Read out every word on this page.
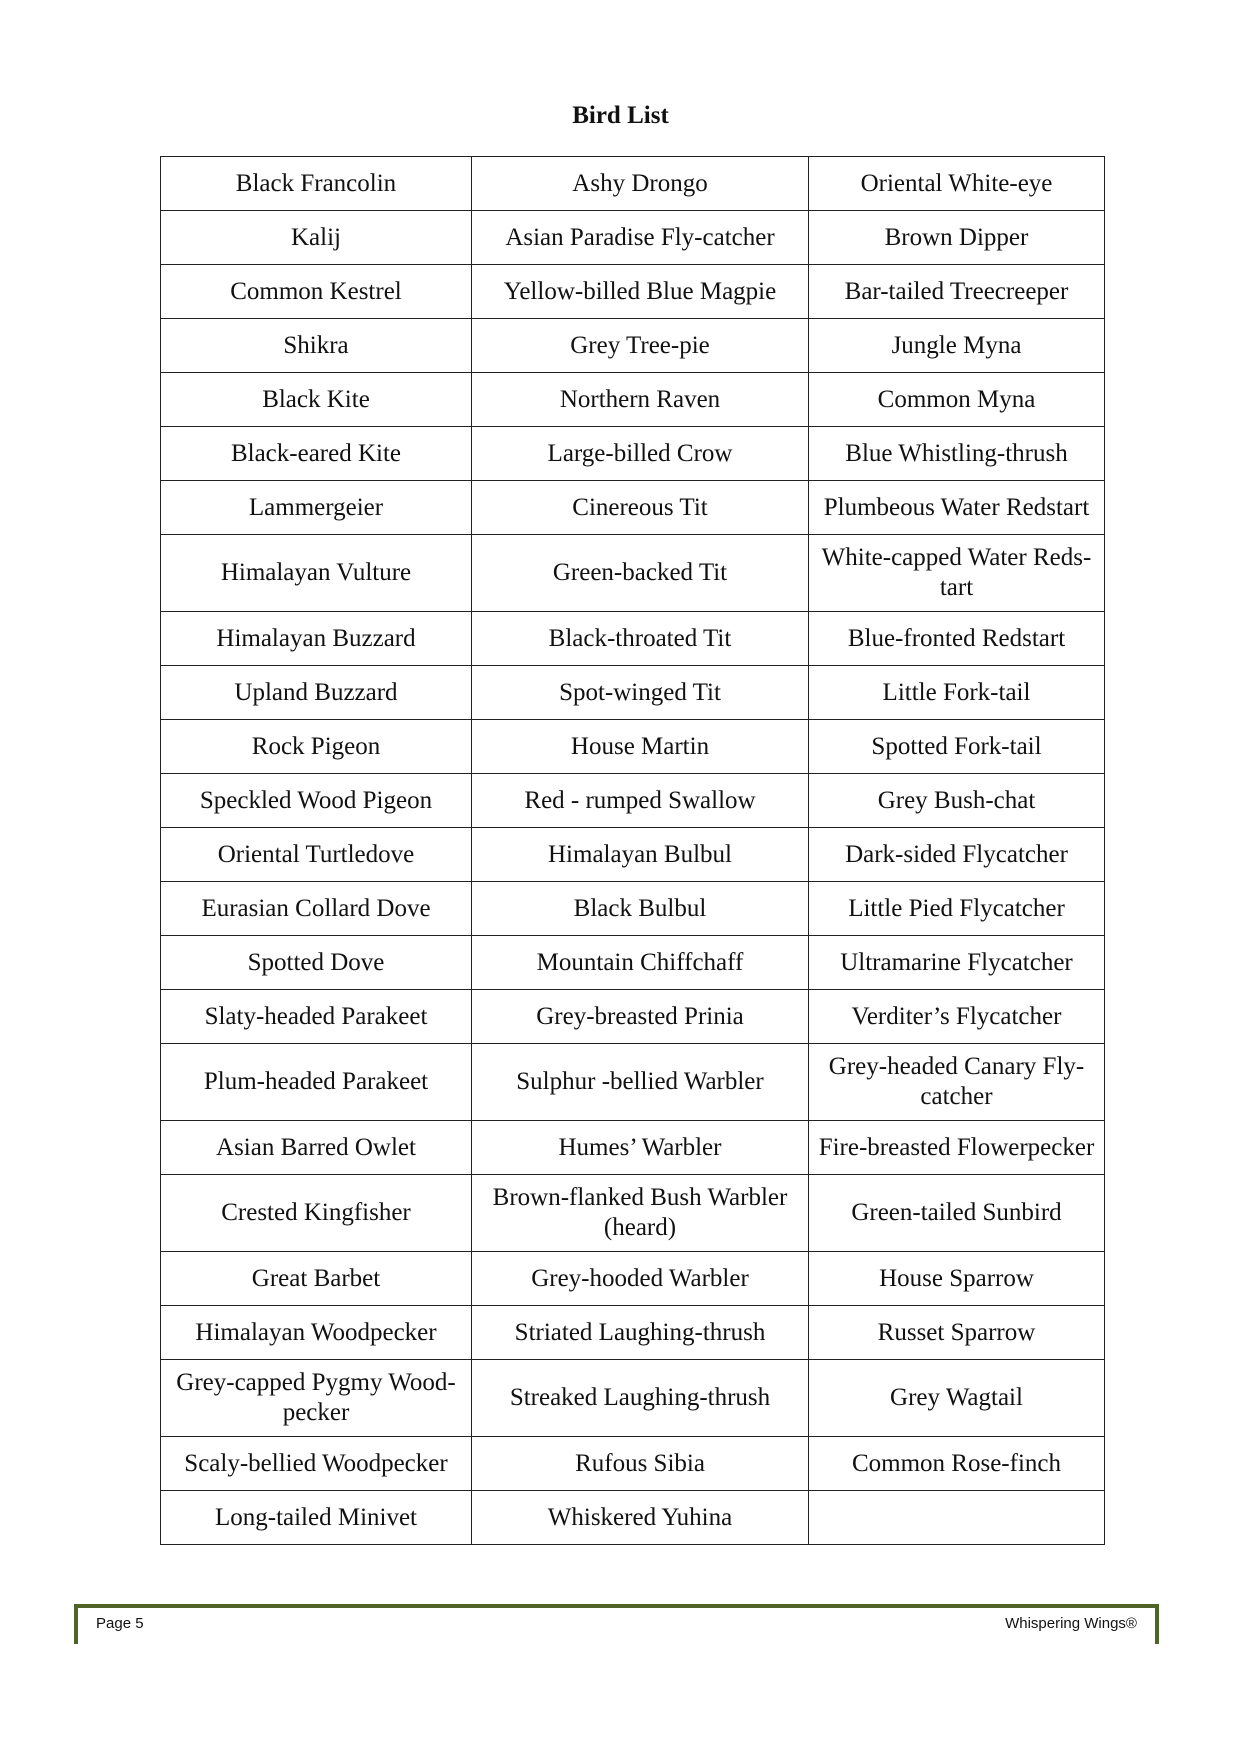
Bird List
Black Francolin	Ashy Drongo	Oriental White-eye
Kalij	Asian Paradise Fly-catcher	Brown Dipper
Common Kestrel	Yellow-billed Blue Magpie	Bar-tailed Treecreeper
Shikra	Grey Tree-pie	Jungle Myna
Black Kite	Northern Raven	Common Myna
Black-eared Kite	Large-billed Crow	Blue Whistling-thrush
Lammergeier	Cinereous Tit	Plumbeous Water Redstart
Himalayan Vulture	Green-backed Tit	White-capped Water Reds-tart
Himalayan Buzzard	Black-throated Tit	Blue-fronted Redstart
Upland Buzzard	Spot-winged Tit	Little Fork-tail
Rock Pigeon	House Martin	Spotted Fork-tail
Speckled Wood Pigeon	Red - rumped Swallow	Grey Bush-chat
Oriental Turtledove	Himalayan Bulbul	Dark-sided Flycatcher
Eurasian Collard Dove	Black Bulbul	Little Pied Flycatcher
Spotted Dove	Mountain Chiffchaff	Ultramarine Flycatcher
Slaty-headed Parakeet	Grey-breasted Prinia	Verditer’s Flycatcher
Plum-headed Parakeet	Sulphur -bellied Warbler	Grey-headed Canary Fly-catcher
Asian Barred Owlet	Humes’ Warbler	Fire-breasted Flowerpecker
Crested Kingfisher	Brown-flanked Bush Warbler (heard)	Green-tailed Sunbird
Great Barbet	Grey-hooded Warbler	House Sparrow
Himalayan Woodpecker	Striated Laughing-thrush	Russet Sparrow
Grey-capped Pygmy Wood-pecker	Streaked Laughing-thrush	Grey Wagtail
Scaly-bellied Woodpecker	Rufous Sibia	Common Rose-finch
Long-tailed Minivet	Whiskered Yuhina	
Page 5	Whispering Wings®
